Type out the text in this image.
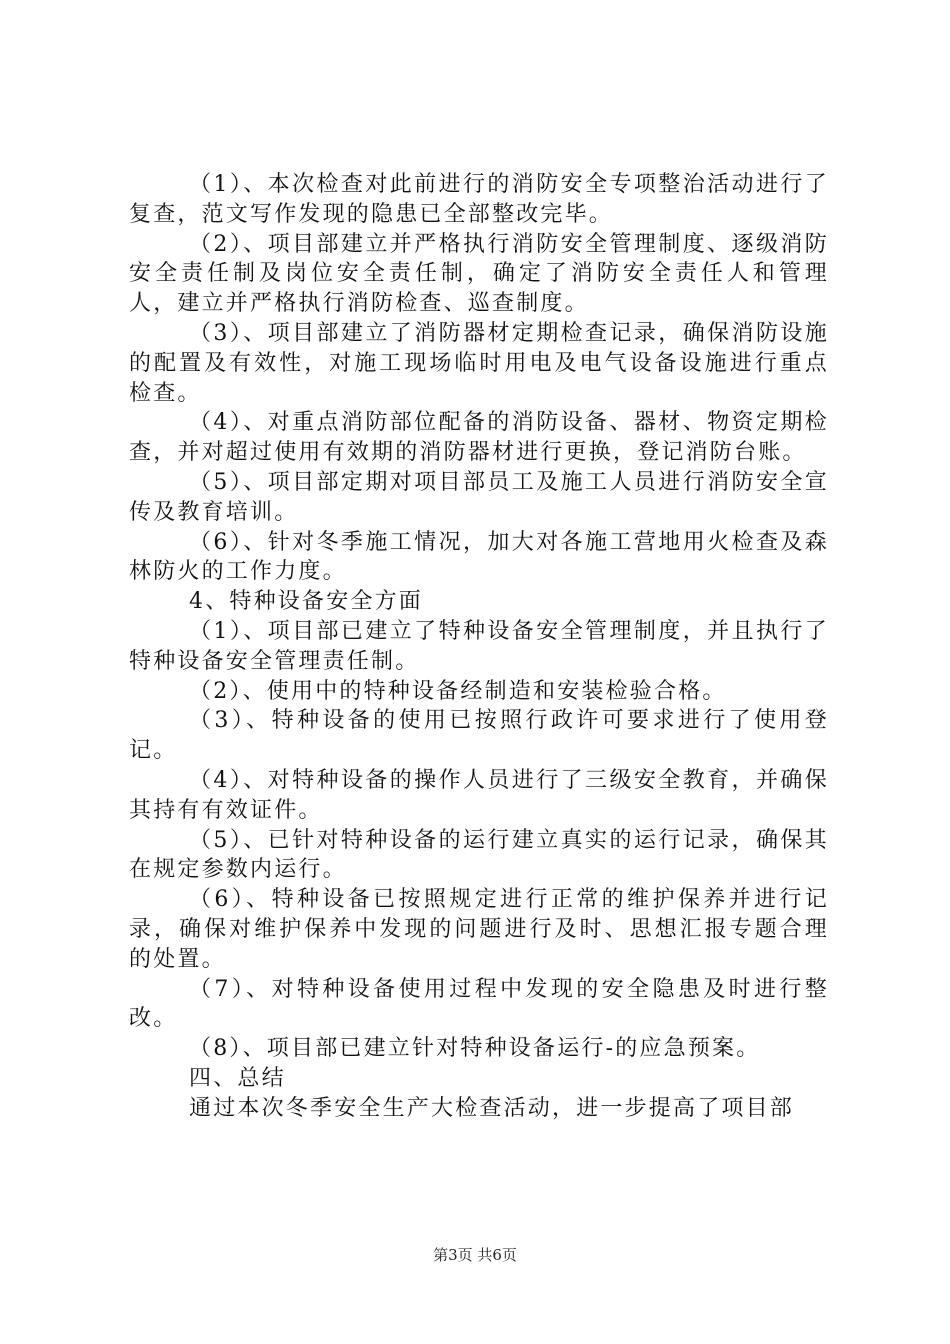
（1）、本次检查对此前进行的消防安全专项整治活动进行了复查，范文写作发现的隐患已全部整改完毕。

（2）、项目部建立并严格执行消防安全管理制度、逐级消防安全责任制及岗位安全责任制，确定了消防安全责任人和管理人，建立并严格执行消防检查、巡查制度。

（3）、项目部建立了消防器材定期检查记录，确保消防设施的配置及有效性，对施工现场临时用电及电气设备设施进行重点检查。

（4）、对重点消防部位配备的消防设备、器材、物资定期检查，并对超过使用有效期的消防器材进行更换，登记消防台账。

（5）、项目部定期对项目部员工及施工人员进行消防安全宣传及教育培训。

（6）、针对冬季施工情况，加大对各施工营地用火检查及森林防火的工作力度。

4、特种设备安全方面

（1）、项目部已建立了特种设备安全管理制度，并且执行了特种设备安全管理责任制。

（2）、使用中的特种设备经制造和安装检验合格。

（3）、特种设备的使用已按照行政许可要求进行了使用登记。

（4）、对特种设备的操作人员进行了三级安全教育，并确保其持有有效证件。

（5）、已针对特种设备的运行建立真实的运行记录，确保其在规定参数内运行。

（6）、特种设备已按照规定进行正常的维护保养并进行记录，确保对维护保养中发现的问题进行及时、思想汇报专题合理的处置。

（7）、对特种设备使用过程中发现的安全隐患及时进行整改。

（8）、项目部已建立针对特种设备运行-的应急预案。

四、总结

通过本次冬季安全生产大检查活动，进一步提高了项目部

第3页 共6页
